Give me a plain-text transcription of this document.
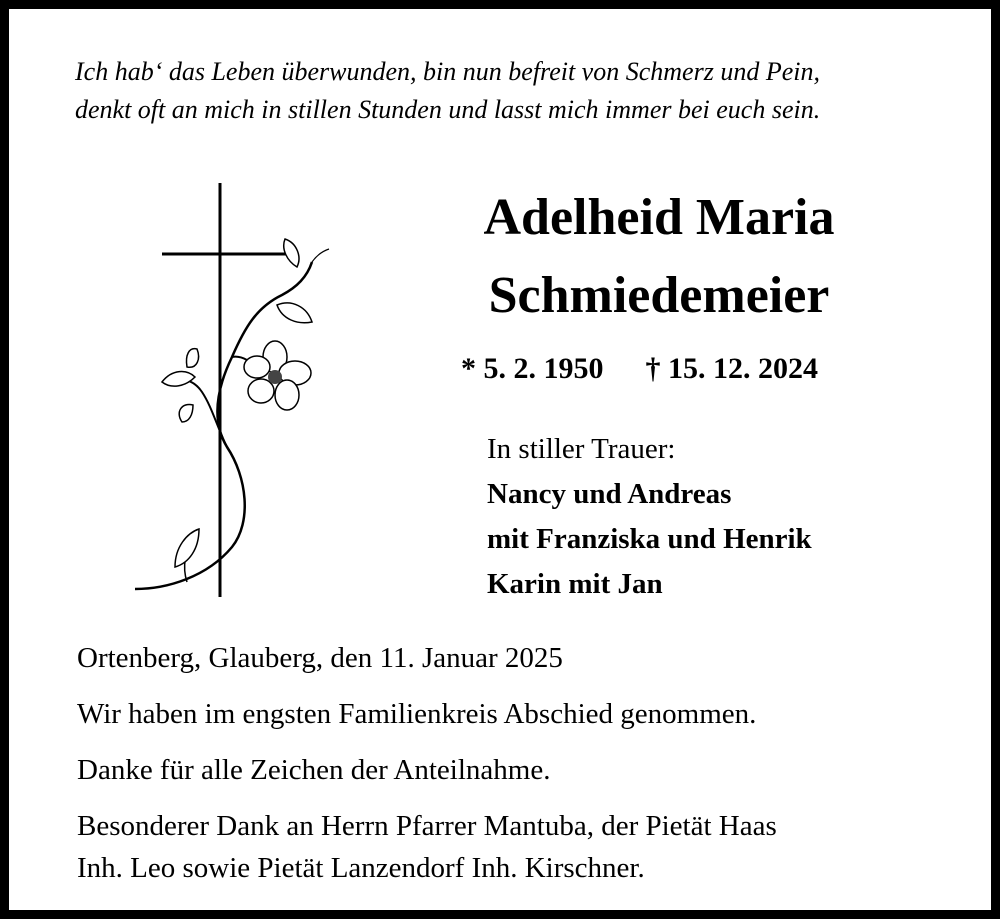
Ich hab‘ das Leben überwunden, bin nun befreit von Schmerz und Pein,
denkt oft an mich in stillen Stunden und lasst mich immer bei euch sein.
Adelheid Maria
Schmiedemeier
* 5. 2. 1950 † 15. 12. 2024
In stiller Trauer:
Nancy und Andreas
mit Franziska und Henrik
Karin mit Jan
Ortenberg, Glauberg, den 11. Januar 2025
Wir haben im engsten Familienkreis Abschied genommen.
Danke für alle Zeichen der Anteilnahme.
Besonderer Dank an Herrn Pfarrer Mantuba, der Pietät Haas
Inh. Leo sowie Pietät Lanzendorf Inh. Kirschner.
